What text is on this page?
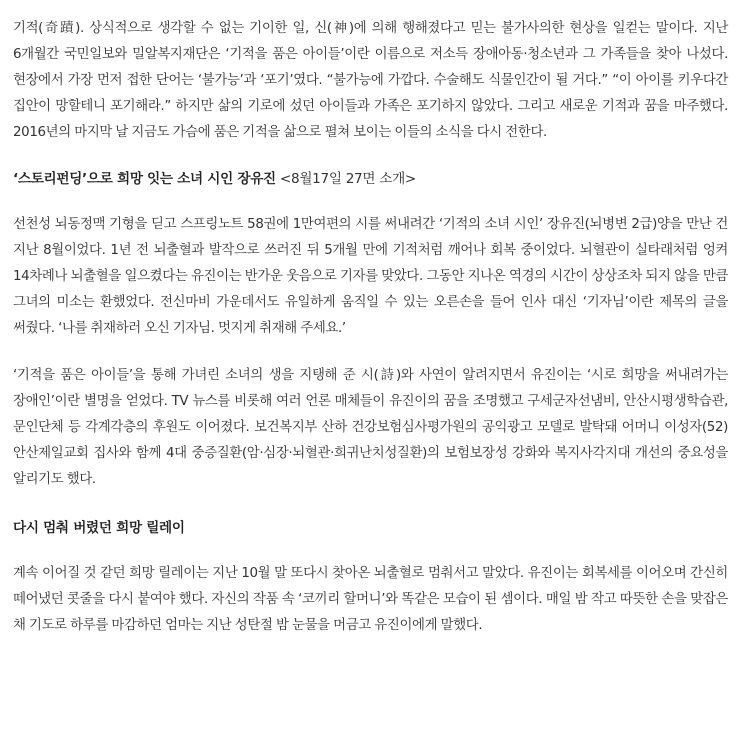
기적(奇蹟). 상식적으로 생각할 수 없는 기이한 일, 신(神)에 의해 행해졌다고 믿는 불가사의한 현상을 일컫는 말이다. 지난 6개월간 국민일보와 밀알복지재단은 ‘기적을 품은 아이들’이란 이름으로 저소득 장애아동·청소년과 그 가족들을 찾아 나섰다. 현장에서 가장 먼저 접한 단어는 ‘불가능’과 ‘포기’였다. “불가능에 가깝다. 수술해도 식물인간이 될 거다.” “이 아이를 키우다간 집안이 망할테니 포기해라.” 하지만 삶의 기로에 섰던 아이들과 가족은 포기하지 않았다. 그리고 새로운 기적과 꿈을 마주했다. 2016년의 마지막 날 지금도 가슴에 품은 기적을 삶으로 펼쳐 보이는 이들의 소식을 다시 전한다.

‘스토리펀딩’으로 희망 잇는 소녀 시인 장유진 <8월17일 27면 소개>

선천성 뇌동정맥 기형을 딛고 스프링노트 58권에 1만여편의 시를 써내려간 ‘기적의 소녀 시인’ 장유진(뇌병변 2급)양을 만난 건 지난 8월이었다. 1년 전 뇌출혈과 발작으로 쓰러진 뒤 5개월 만에 기적처럼 깨어나 회복 중이었다. 뇌혈관이 실타래처럼 엉켜 14차례나 뇌출혈을 일으켰다는 유진이는 반가운 웃음으로 기자를 맞았다. 그동안 지나온 역경의 시간이 상상조차 되지 않을 만큼 그녀의 미소는 환했었다. 전신마비 가운데서도 유일하게 움직일 수 있는 오른손을 들어 인사 대신 ‘기자님’이란 제목의 글을 써줬다. ‘나를 취재하러 오신 기자님. 멋지게 취재해 주세요.’

‘기적을 품은 아이들’을 통해 가녀린 소녀의 생을 지탱해 준 시(詩)와 사연이 알려지면서 유진이는 ‘시로 희망을 써내려가는 장애인’이란 별명을 얻었다. TV 뉴스를 비롯해 여러 언론 매체들이 유진이의 꿈을 조명했고 구세군자선냄비, 안산시평생학습관, 문인단체 등 각계각층의 후원도 이어졌다. 보건복지부 산하 건강보험심사평가원의 공익광고 모델로 발탁돼 어머니 이성자(52) 안산제일교회 집사와 함께 4대 중증질환(암·심장·뇌혈관·희귀난치성질환)의 보험보장성 강화와 복지사각지대 개선의 중요성을 알리기도 했다.

다시 멈춰 버렸던 희망 릴레이

계속 이어질 것 같던 희망 릴레이는 지난 10월 말 또다시 찾아온 뇌출혈로 멈춰서고 말았다. 유진이는 회복세를 이어오며 간신히 떼어냈던 콧줄을 다시 붙여야 했다. 자신의 작품 속 ‘코끼리 할머니’와 똑같은 모습이 된 셈이다. 매일 밤 작고 따뜻한 손을 맞잡은 채 기도로 하루를 마감하던 엄마는 지난 성탄절 밤 눈물을 머금고 유진이에게 말했다.
